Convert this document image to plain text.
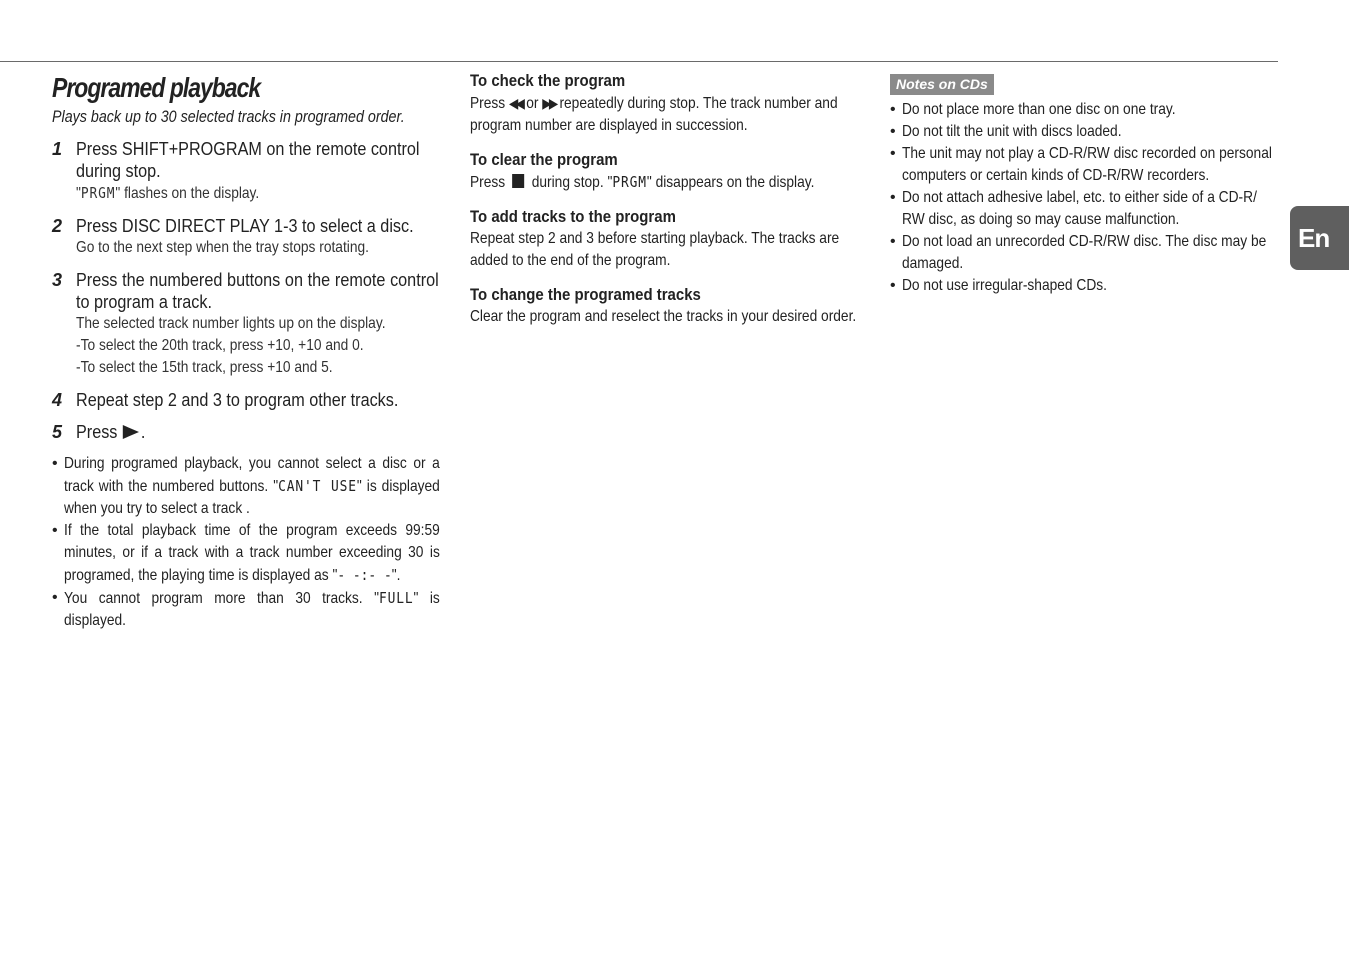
Programed playback

Plays back up to 30 selected tracks in programed order.

1 Press SHIFT+PROGRAM on the remote control during stop.
"PRGM" flashes on the display.
2 Press DISC DIRECT PLAY 1-3 to select a disc.
Go to the next step when the tray stops rotating.
3 Press the numbered buttons on the remote control to program a track.
The selected track number lights up on the display.
-To select the 20th track, press +10, +10 and 0.
-To select the 15th track, press +10 and 5.
4 Repeat step 2 and 3 to program other tracks.
5 Press .
• During programed playback, you cannot select a disc or a track with the numbered buttons. "CAN'T USE" is displayed when you try to select a track .
• If the total playback time of the program exceeds 99:59 minutes, or if a track with a track number exceeding 30 is programed, the playing time is displayed as "- -:- -".
• You cannot program more than 30 tracks. "FULL" is displayed.
To check the program
Press ◀◀ or ▶▶ repeatedly during stop. The track number and program number are displayed in succession.
To clear the program
Press  during stop. "PRGM" disappears on the display.
To add tracks to the program
Repeat step 2 and 3 before starting playback. The tracks are added to the end of the program.
To change the programed tracks
Clear the program and reselect the tracks in your desired order.
Notes on CDs
• Do not place more than one disc on one tray.
• Do not tilt the unit with discs loaded.
• The unit may not play a CD-R/RW disc recorded on personal computers or certain kinds of CD-R/RW recorders.
• Do not attach adhesive label, etc. to either side of a CD-R/ RW disc, as doing so may cause malfunction.
• Do not load an unrecorded CD-R/RW disc. The disc may be damaged.
• Do not use irregular-shaped CDs.
En
